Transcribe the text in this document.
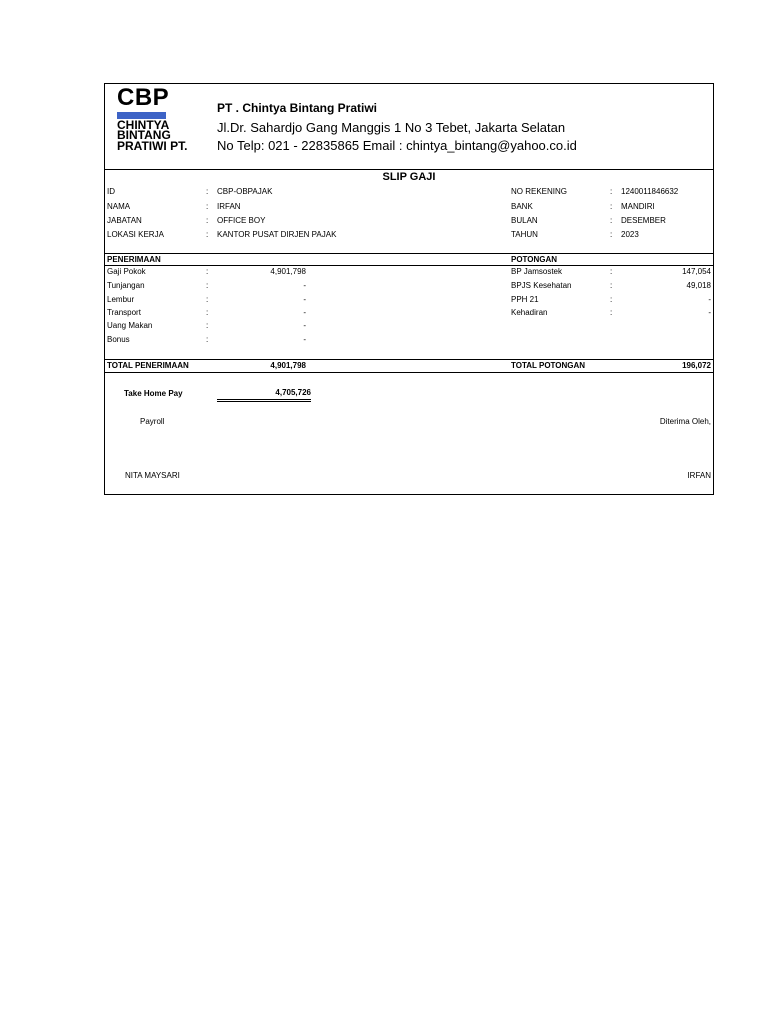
CBP
CHINTYA
BINTANG
PRATIWI PT.
PT . Chintya Bintang Pratiwi
Jl.Dr. Sahardjo Gang Manggis 1 No 3 Tebet, Jakarta Selatan
No Telp: 021 - 22835865 Email : chintya_bintang@yahoo.co.id
SLIP GAJI
ID	: CBP-OBPAJAK
NAMA	: IRFAN
JABATAN	: OFFICE BOY
LOKASI KERJA	: KANTOR PUSAT DIRJEN PAJAK
NO REKENING	: 1240011846632
BANK	: MANDIRI
BULAN	: DESEMBER
TAHUN	: 2023
PENERIMAAN	POTONGAN
Gaji Pokok	:	4,901,798
Tunjangan	:	-
Lembur	:	-
Transport	:	-
Uang Makan	:	-
Bonus	:	-
BP Jamsostek	:	147,054
BPJS Kesehatan	:	49,018
PPH 21	:	-
Kehadiran	:	-
TOTAL PENERIMAAN	4,901,798	TOTAL POTONGAN	196,072
Take Home Pay	4,705,726
Payroll	Diterima Oleh,
NITA MAYSARI	IRFAN
